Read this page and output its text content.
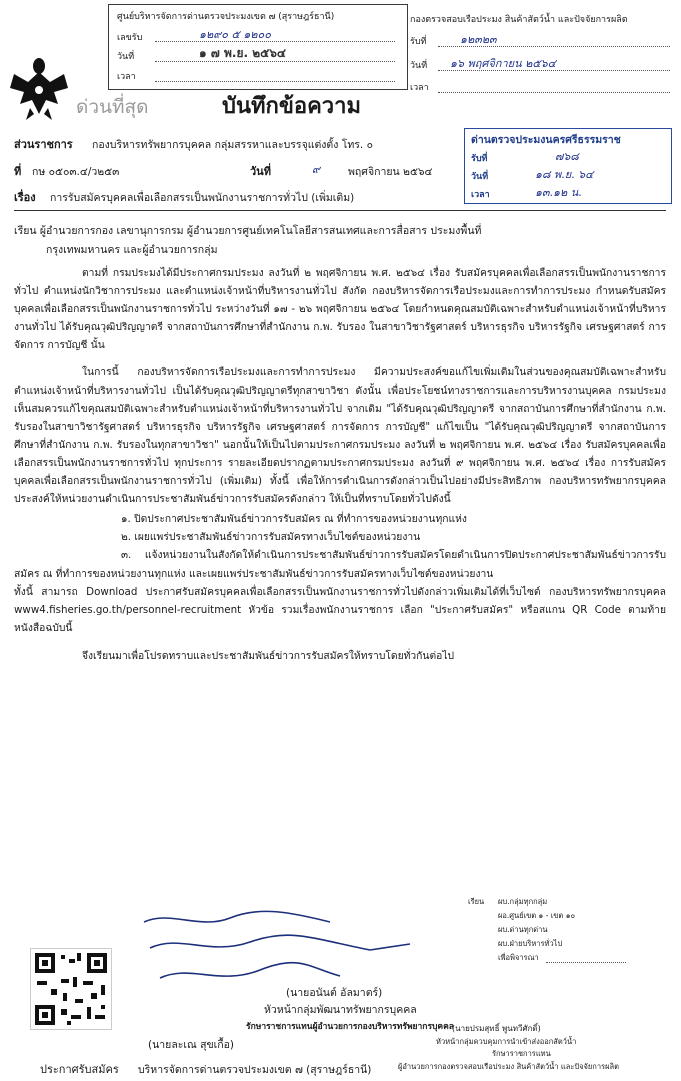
ศูนย์บริหารจัดการด่านตรวจประมงเขต ๗ (สุราษฎร์ธานี)
เลขรับ	๑๒๙๐ ๕ ๑๒๐๐
วันที่	๑ ๗ พ.ย. ๒๕๖๔
เวลา
กองตรวจสอบเรือประมง สินค้าสัตว์น้ำ และปัจจัยการผลิต
รับที่	๑๒๓๒๓
วันที่ ๑๖ พฤศจิกายน ๒๕๖๔
เวลา
ด่วนที่สุด	บันทึกข้อความ
ส่วนราชการ กองบริหารทรัพยากรบุคคล กลุ่มสรรหาและบรรจุแต่งตั้ง โทร. ๐
ที่ กษ ๐๕๐๓.๔/ว๒๕๓	วันที่	๙	พฤศจิกายน ๒๕๖๔
เรื่อง การรับสมัครบุคคลเพื่อเลือกสรรเป็นพนักงานราชการทั่วไป (เพิ่มเติม)
ด่านตรวจประมงนครศรีธรรมราช
รับที่	๗๖๘
วันที่	๑๘ พ.ย. ๖๔
เวลา	๑๓.๑๒ น.
เรียน ผู้อำนวยการกอง เลขานุการกรม ผู้อำนวยการศูนย์เทคโนโลยีสารสนเทศและการสื่อสาร ประมงพื้นที่
กรุงเทพมหานคร และผู้อำนวยการกลุ่ม

ตามที่ กรมประมงได้มีประกาศกรมประมง ลงวันที่ ๒ พฤศจิกายน พ.ศ. ๒๕๖๔ เรื่อง รับสมัครบุคคลเพื่อเลือกสรรเป็นพนักงานราชการทั่วไป ตำแหน่งนักวิชาการประมง และตำแหน่งเจ้าหน้าที่บริหารงานทั่วไป สังกัด กองบริหารจัดการเรือประมงและการทำการประมง กำหนดรับสมัครบุคคลเพื่อเลือกสรรเป็นพนักงานราชการทั่วไป ระหว่างวันที่ ๑๗ - ๒๖ พฤศจิกายน ๒๕๖๔ โดยกำหนดคุณสมบัติเฉพาะสำหรับตำแหน่งเจ้าหน้าที่บริหารงานทั่วไป ได้รับคุณวุฒิปริญญาตรี จากสถาบันการศึกษาที่สำนักงาน ก.พ. รับรอง ในสาขาวิชารัฐศาสตร์ บริหารธุรกิจ บริหารรัฐกิจ เศรษฐศาสตร์ การจัดการ การบัญชี นั้น

ในการนี้ กองบริหารจัดการเรือประมงและการทำการประมง มีความประสงค์ขอแก้ไขเพิ่มเติมในส่วนของคุณสมบัติเฉพาะสำหรับตำแหน่งเจ้าหน้าที่บริหารงานทั่วไป เป็นได้รับคุณวุฒิปริญญาตรีทุกสาขาวิชา ดังนั้น เพื่อประโยชน์ทางราชการและการบริหารงานบุคคล กรมประมงเห็นสมควรแก้ไขคุณสมบัติเฉพาะสำหรับตำแหน่งเจ้าหน้าที่บริหารงานทั่วไป จากเดิม "ได้รับคุณวุฒิปริญญาตรี จากสถาบันการศึกษาที่สำนักงาน ก.พ. รับรองในสาขาวิชารัฐศาสตร์ บริหารธุรกิจ บริหารรัฐกิจ เศรษฐศาสตร์ การจัดการ การบัญชี" แก้ไขเป็น "ได้รับคุณวุฒิปริญญาตรี จากสถาบันการศึกษาที่สำนักงาน ก.พ. รับรองในทุกสาขาวิชา" นอกนั้นให้เป็นไปตามประกาศกรมประมง ลงวันที่ ๒ พฤศจิกายน พ.ศ. ๒๕๖๔ เรื่อง รับสมัครบุคคลเพื่อเลือกสรรเป็นพนักงานราชการทั่วไป ทุกประการ รายละเอียดปรากฏตามประกาศกรมประมง ลงวันที่ ๙ พฤศจิกายน พ.ศ. ๒๕๖๔ เรื่อง การรับสมัครบุคคลเพื่อเลือกสรรเป็นพนักงานราชการทั่วไป (เพิ่มเติม) ทั้งนี้ เพื่อให้การดำเนินการดังกล่าวเป็นไปอย่างมีประสิทธิภาพ กองบริหารทรัพยากรบุคคล ประสงค์ให้หน่วยงานดำเนินการประชาสัมพันธ์ข่าวการรับสมัครดังกล่าว ให้เป็นที่ทราบโดยทั่วไปดังนี้

๑. ปิดประกาศประชาสัมพันธ์ข่าวการรับสมัคร ณ ที่ทำการของหน่วยงานทุกแห่ง

๒. เผยแพร่ประชาสัมพันธ์ข่าวการรับสมัครทางเว็บไซต์ของหน่วยงาน

๓. แจ้งหน่วยงานในสังกัดให้ดำเนินการประชาสัมพันธ์ข่าวการรับสมัครโดยดำเนินการปิดประกาศประชาสัมพันธ์ข่าวการรับสมัคร ณ ที่ทำการของหน่วยงานทุกแห่ง และเผยแพร่ประชาสัมพันธ์ข่าวการรับสมัครทางเว็บไซต์ของหน่วยงาน

ทั้งนี้ สามารถ Download ประกาศรับสมัครบุคคลเพื่อเลือกสรรเป็นพนักงานราชการทั่วไปดังกล่าวเพิ่มเติมได้ที่เว็บไซต์ กองบริหารทรัพยากรบุคคล www4.fisheries.go.th/personnel-recruitment หัวข้อ รวมเรื่องพนักงานราชการ เลือก "ประกาศรับสมัคร" หรือสแกน QR Code ตามท้ายหนังสือฉบับนี้

จึงเรียนมาเพื่อโปรดทราบและประชาสัมพันธ์ข่าวการรับสมัครให้ทราบโดยทั่วกันต่อไป

เรียน ผบ.กลุ่มทุกกลุ่ม
ผอ.ศูนย์เขต ๑ - เขต ๑๐
ผบ.ด่านทุกด่าน
ผบ.ฝ่ายบริหารทั่วไป
เพื่อพิจารณา
(นายอนันต์ อัลมาตร์)
หัวหน้ากลุ่มพัฒนาทรัพยากรบุคคล
รักษาราชการแทนผู้อำนวยการกองบริหารทรัพยากรบุคคล
(นายละเณ สุขเกื้อ)
(นายปรมสุทธิ์ พูนทวีศักดิ์)
หัวหน้ากลุ่มควบคุมการนำเข้าส่งออกสัตว์น้ำ
รักษาราชการแทน
ผู้อำนวยการกองตรวจสอบเรือประมง สินค้าสัตว์น้ำ และปัจจัยการผลิต
ประกาศรับสมัคร บริหารจัดการด่านตรวจประมงเขต ๗ (สุราษฎร์ธานี)
